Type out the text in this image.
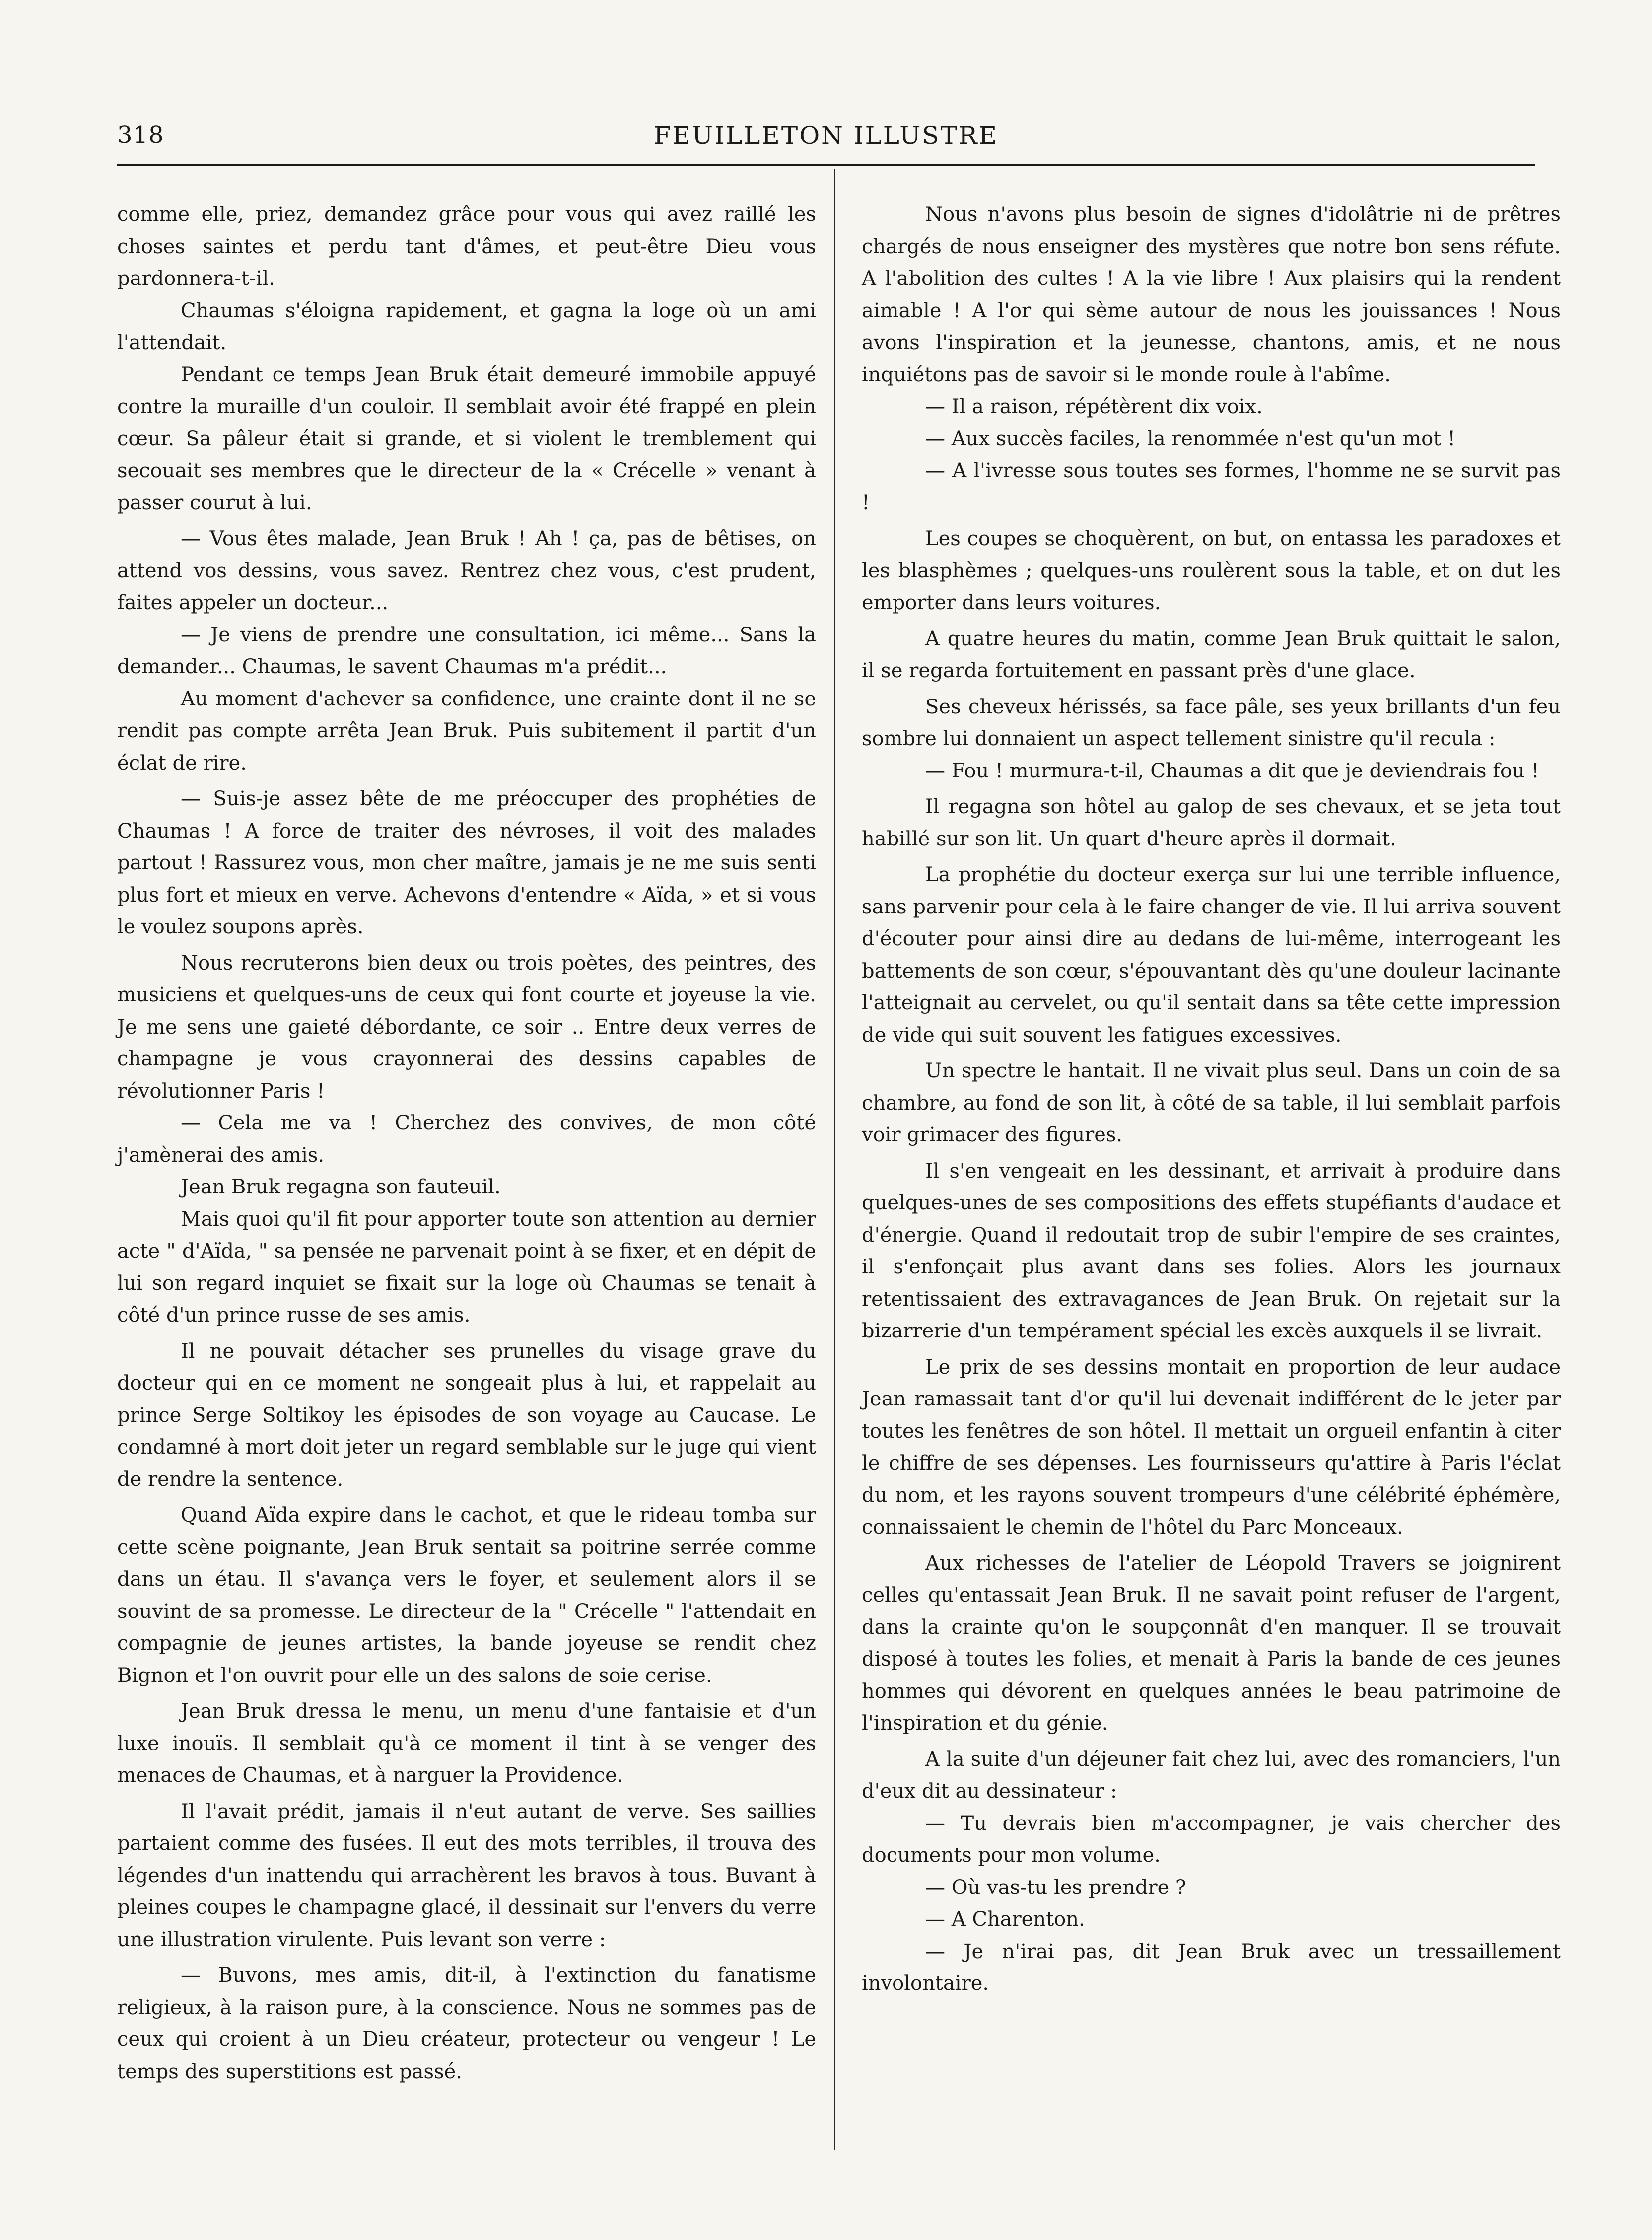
318	FEUILLETON ILLUSTRE

comme elle, priez, demandez grâce pour vous qui avez raillé les choses saintes et perdu tant d'âmes, et peut-être Dieu vous pardonnera-t-il.

Chaumas s'éloigna rapidement, et gagna la loge où un ami l'attendait.

Pendant ce temps Jean Bruk était demeuré immobile appuyé contre la muraille d'un couloir. Il semblait avoir été frappé en plein cœur. Sa pâleur était si grande, et si violent le tremblement qui secouait ses membres que le directeur de la « Crécelle » venant à passer courut à lui.

— Vous êtes malade, Jean Bruk ! Ah ! ça, pas de bêtises, on attend vos dessins, vous savez. Rentrez chez vous, c'est prudent, faites appeler un docteur...

— Je viens de prendre une consultation, ici même... Sans la demander... Chaumas, le savent Chaumas m'a prédit...

Au moment d'achever sa confidence, une crainte dont il ne se rendit pas compte arrêta Jean Bruk. Puis subitement il partit d'un éclat de rire.

— Suis-je assez bête de me préoccuper des prophéties de Chaumas ! A force de traiter des névroses, il voit des malades partout ! Rassurez vous, mon cher maître, jamais je ne me suis senti plus fort et mieux en verve. Achevons d'entendre « Aïda, » et si vous le voulez soupons après.

Nous recruterons bien deux ou trois poètes, des peintres, des musiciens et quelques-uns de ceux qui font courte et joyeuse la vie. Je me sens une gaieté débordante, ce soir .. Entre deux verres de champagne je vous crayonnerai des dessins capables de révolutionner Paris !

— Cela me va ! Cherchez des convives, de mon côté j'amènerai des amis.

Jean Bruk regagna son fauteuil.

Mais quoi qu'il fit pour apporter toute son attention au dernier acte " d'Aïda, " sa pensée ne parvenait point à se fixer, et en dépit de lui son regard inquiet se fixait sur la loge où Chaumas se tenait à côté d'un prince russe de ses amis.

Il ne pouvait détacher ses prunelles du visage grave du docteur qui en ce moment ne songeait plus à lui, et rappelait au prince Serge Soltikoy les épisodes de son voyage au Caucase. Le condamné à mort doit jeter un regard semblable sur le juge qui vient de rendre la sentence.

Quand Aïda expire dans le cachot, et que le rideau tomba sur cette scène poignante, Jean Bruk sentait sa poitrine serrée comme dans un étau. Il s'avança vers le foyer, et seulement alors il se souvint de sa promesse. Le directeur de la " Crécelle " l'attendait en compagnie de jeunes artistes, la bande joyeuse se rendit chez Bignon et l'on ouvrit pour elle un des salons de soie cerise.

Jean Bruk dressa le menu, un menu d'une fantaisie et d'un luxe inouïs. Il semblait qu'à ce moment il tint à se venger des menaces de Chaumas, et à narguer la Providence.

Il l'avait prédit, jamais il n'eut autant de verve. Ses saillies partaient comme des fusées. Il eut des mots terribles, il trouva des légendes d'un inattendu qui arrachèrent les bravos à tous. Buvant à pleines coupes le champagne glacé, il dessinait sur l'envers du verre une illustration virulente. Puis levant son verre :

— Buvons, mes amis, dit-il, à l'extinction du fanatisme religieux, à la raison pure, à la conscience. Nous ne sommes pas de ceux qui croient à un Dieu créateur, protecteur ou vengeur ! Le temps des superstitions est passé.

Nous n'avons plus besoin de signes d'idolâtrie ni de prêtres chargés de nous enseigner des mystères que notre bon sens réfute. A l'abolition des cultes ! A la vie libre ! Aux plaisirs qui la rendent aimable ! A l'or qui sème autour de nous les jouissances ! Nous avons l'inspiration et la jeunesse, chantons, amis, et ne nous inquiétons pas de savoir si le monde roule à l'abîme.

— Il a raison, répétèrent dix voix.

— Aux succès faciles, la renommée n'est qu'un mot !

— A l'ivresse sous toutes ses formes, l'homme ne se survit pas !

Les coupes se choquèrent, on but, on entassa les paradoxes et les blasphèmes ; quelques-uns roulèrent sous la table, et on dut les emporter dans leurs voitures.

A quatre heures du matin, comme Jean Bruk quittait le salon, il se regarda fortuitement en passant près d'une glace.

Ses cheveux hérissés, sa face pâle, ses yeux brillants d'un feu sombre lui donnaient un aspect tellement sinistre qu'il recula :

— Fou ! murmura-t-il, Chaumas a dit que je deviendrais fou !

Il regagna son hôtel au galop de ses chevaux, et se jeta tout habillé sur son lit. Un quart d'heure après il dormait.

La prophétie du docteur exerça sur lui une terrible influence, sans parvenir pour cela à le faire changer de vie. Il lui arriva souvent d'écouter pour ainsi dire au dedans de lui-même, interrogeant les battements de son cœur, s'épouvantant dès qu'une douleur lacinante l'atteignait au cervelet, ou qu'il sentait dans sa tête cette impression de vide qui suit souvent les fatigues excessives.

Un spectre le hantait. Il ne vivait plus seul. Dans un coin de sa chambre, au fond de son lit, à côté de sa table, il lui semblait parfois voir grimacer des figures.

Il s'en vengeait en les dessinant, et arrivait à produire dans quelques-unes de ses compositions des effets stupéfiants d'audace et d'énergie. Quand il redoutait trop de subir l'empire de ses craintes, il s'enfonçait plus avant dans ses folies. Alors les journaux retentissaient des extravagances de Jean Bruk. On rejetait sur la bizarrerie d'un tempérament spécial les excès auxquels il se livrait.

Le prix de ses dessins montait en proportion de leur audace Jean ramassait tant d'or qu'il lui devenait indifférent de le jeter par toutes les fenêtres de son hôtel. Il mettait un orgueil enfantin à citer le chiffre de ses dépenses. Les fournisseurs qu'attire à Paris l'éclat du nom, et les rayons souvent trompeurs d'une célébrité éphémère, connaissaient le chemin de l'hôtel du Parc Monceaux.

Aux richesses de l'atelier de Léopold Travers se joignirent celles qu'entassait Jean Bruk. Il ne savait point refuser de l'argent, dans la crainte qu'on le soupçonnât d'en manquer. Il se trouvait disposé à toutes les folies, et menait à Paris la bande de ces jeunes hommes qui dévorent en quelques années le beau patrimoine de l'inspiration et du génie.

A la suite d'un déjeuner fait chez lui, avec des romanciers, l'un d'eux dit au dessinateur :

— Tu devrais bien m'accompagner, je vais chercher des documents pour mon volume.

— Où vas-tu les prendre ?

— A Charenton.

— Je n'irai pas, dit Jean Bruk avec un tressaillement involontaire.
